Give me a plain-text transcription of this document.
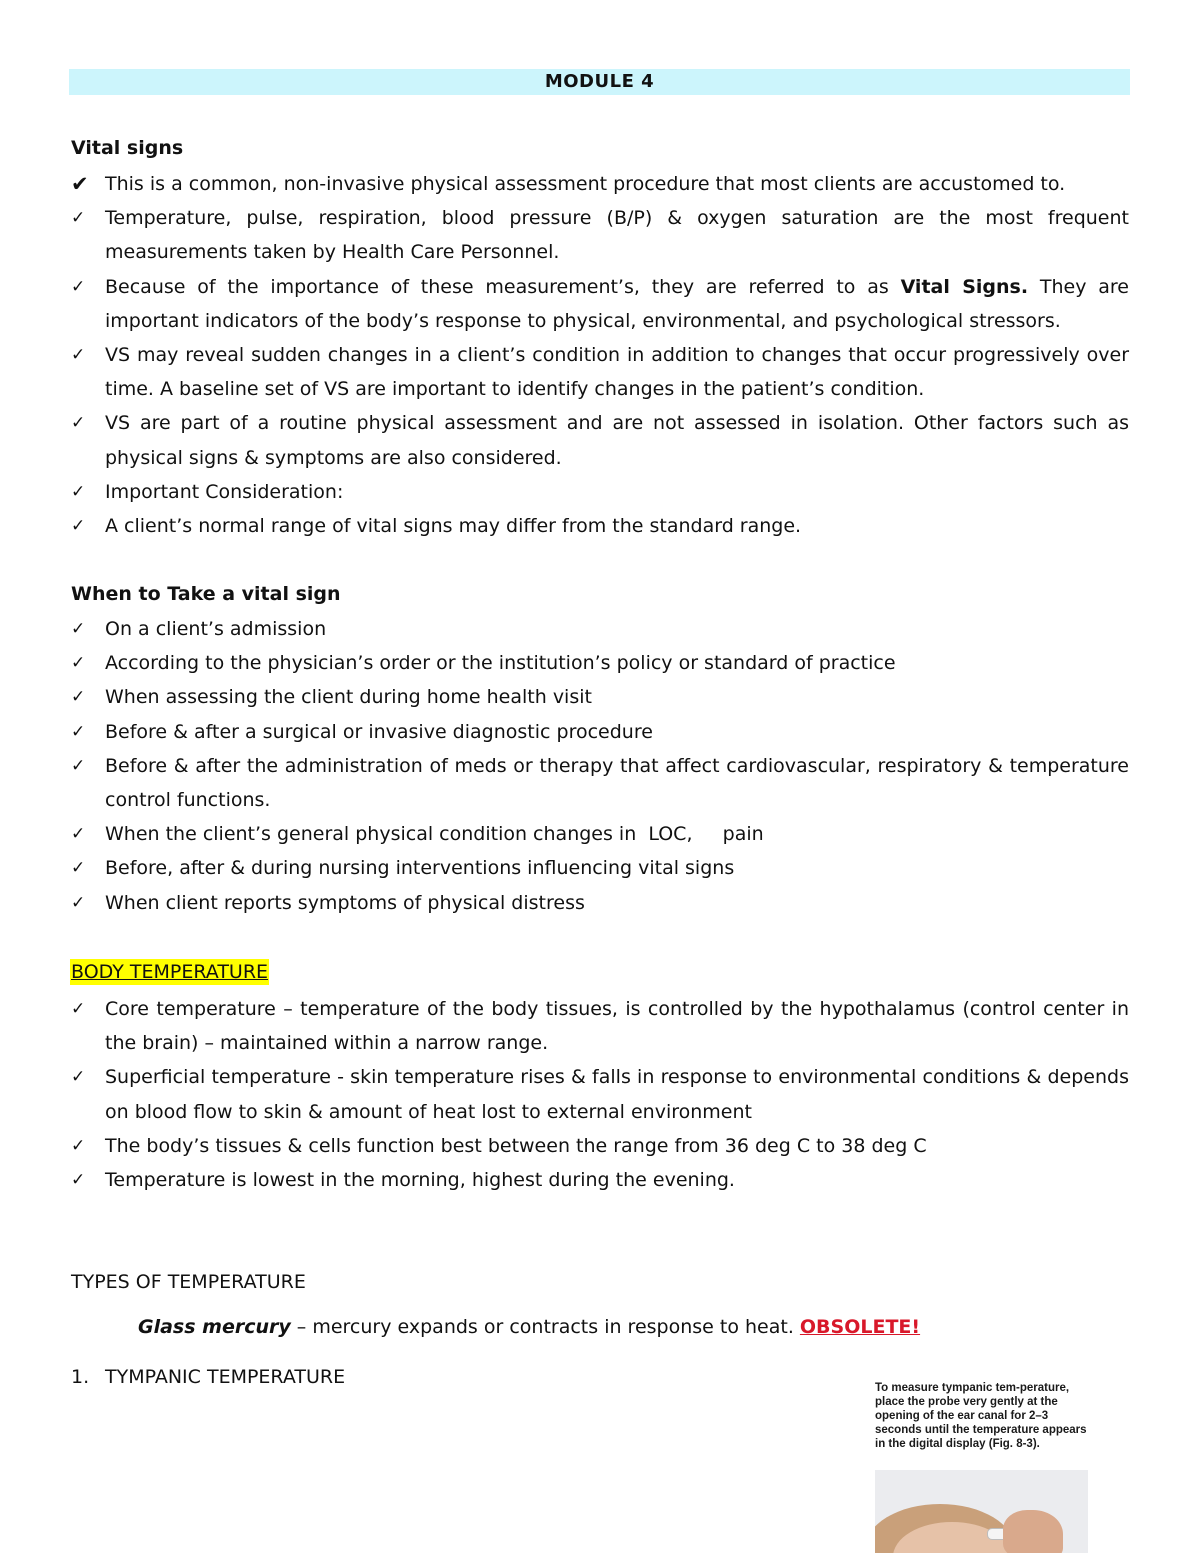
MODULE 4
Vital signs
✔ This is a common, non-invasive physical assessment procedure that most clients are accustomed to.
✓ Temperature, pulse, respiration, blood pressure (B/P) & oxygen saturation are the most frequent measurements taken by Health Care Personnel.
✓ Because of the importance of these measurement’s, they are referred to as Vital Signs. They are important indicators of the body’s response to physical, environmental, and psychological stressors.
✓ VS may reveal sudden changes in a client’s condition in addition to changes that occur progressively over time. A baseline set of VS are important to identify changes in the patient’s condition.
✓ VS are part of a routine physical assessment and are not assessed in isolation. Other factors such as physical signs & symptoms are also considered.
✓ Important Consideration:
✓ A client’s normal range of vital signs may differ from the standard range.
When to Take a vital sign
✓ On a client’s admission
✓ According to the physician’s order or the institution’s policy or standard of practice
✓ When assessing the client during home health visit
✓ Before & after a surgical or invasive diagnostic procedure
✓ Before & after the administration of meds or therapy that affect cardiovascular, respiratory & temperature control functions.
✓ When the client’s general physical condition changes in  LOC,     pain
✓ Before, after & during nursing interventions influencing vital signs
✓ When client reports symptoms of physical distress
BODY TEMPERATURE
✓ Core temperature – temperature of the body tissues, is controlled by the hypothalamus (control center in the brain) – maintained within a narrow range.
✓ Superficial temperature - skin temperature rises & falls in response to environmental conditions & depends on blood flow to skin & amount of heat lost to external environment
✓ The body’s tissues & cells function best between the range from 36 deg C to 38 deg C
✓ Temperature is lowest in the morning, highest during the evening.
TYPES OF TEMPERATURE
Glass mercury – mercury expands or contracts in response to heat. OBSOLETE!
1. TYMPANIC TEMPERATURE	To measure tympanic tem-perature, place the probe very gently at the opening of the ear canal for 2–3 seconds until the temperature appears in the digital display (Fig. 8-3).
